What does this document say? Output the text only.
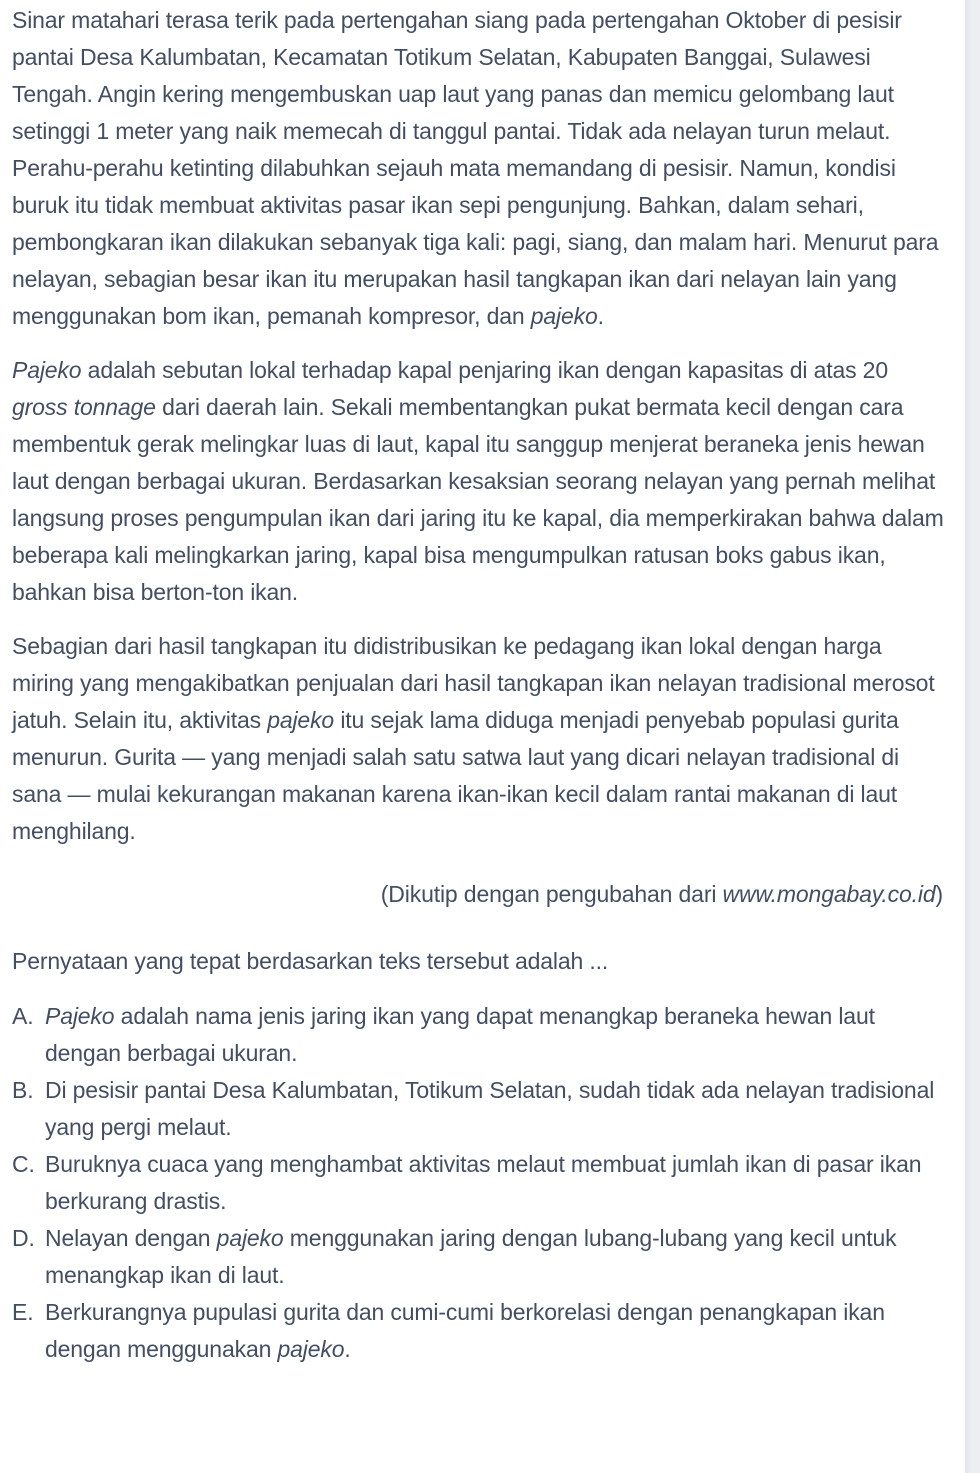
Sinar matahari terasa terik pada pertengahan siang pada pertengahan Oktober di pesisir pantai Desa Kalumbatan, Kecamatan Totikum Selatan, Kabupaten Banggai, Sulawesi Tengah. Angin kering mengembuskan uap laut yang panas dan memicu gelombang laut setinggi 1 meter yang naik memecah di tanggul pantai. Tidak ada nelayan turun melaut. Perahu-perahu ketinting dilabuhkan sejauh mata memandang di pesisir. Namun, kondisi buruk itu tidak membuat aktivitas pasar ikan sepi pengunjung. Bahkan, dalam sehari, pembongkaran ikan dilakukan sebanyak tiga kali: pagi, siang, dan malam hari. Menurut para nelayan, sebagian besar ikan itu merupakan hasil tangkapan ikan dari nelayan lain yang menggunakan bom ikan, pemanah kompresor, dan pajeko.

Pajeko adalah sebutan lokal terhadap kapal penjaring ikan dengan kapasitas di atas 20 gross tonnage dari daerah lain. Sekali membentangkan pukat bermata kecil dengan cara membentuk gerak melingkar luas di laut, kapal itu sanggup menjerat beraneka jenis hewan laut dengan berbagai ukuran. Berdasarkan kesaksian seorang nelayan yang pernah melihat langsung proses pengumpulan ikan dari jaring itu ke kapal, dia memperkirakan bahwa dalam beberapa kali melingkarkan jaring, kapal bisa mengumpulkan ratusan boks gabus ikan, bahkan bisa berton-ton ikan.

Sebagian dari hasil tangkapan itu didistribusikan ke pedagang ikan lokal dengan harga miring yang mengakibatkan penjualan dari hasil tangkapan ikan nelayan tradisional merosot jatuh. Selain itu, aktivitas pajeko itu sejak lama diduga menjadi penyebab populasi gurita menurun. Gurita — yang menjadi salah satu satwa laut yang dicari nelayan tradisional di sana — mulai kekurangan makanan karena ikan-ikan kecil dalam rantai makanan di laut menghilang.

(Dikutip dengan pengubahan dari www.mongabay.co.id)
Pernyataan yang tepat berdasarkan teks tersebut adalah ...
A. Pajeko adalah nama jenis jaring ikan yang dapat menangkap beraneka hewan laut dengan berbagai ukuran.
B. Di pesisir pantai Desa Kalumbatan, Totikum Selatan, sudah tidak ada nelayan tradisional yang pergi melaut.
C. Buruknya cuaca yang menghambat aktivitas melaut membuat jumlah ikan di pasar ikan berkurang drastis.
D. Nelayan dengan pajeko menggunakan jaring dengan lubang-lubang yang kecil untuk menangkap ikan di laut.
E. Berkurangnya pupulasi gurita dan cumi-cumi berkorelasi dengan penangkapan ikan dengan menggunakan pajeko.
